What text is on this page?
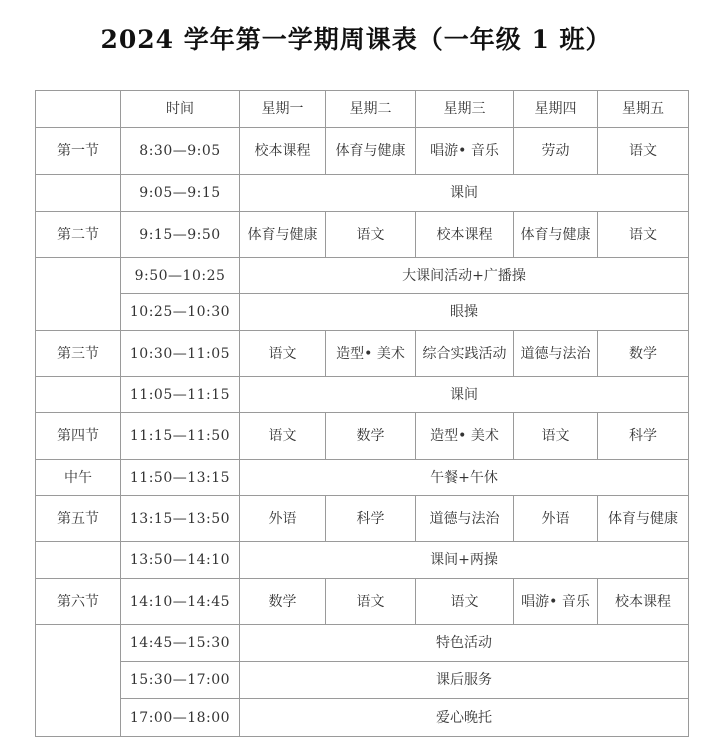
2024 学年第一学期周课表（一年级 1 班）
	时间	星期一	星期二	星期三	星期四	星期五
第一节	8:30—9:05	校本课程	体育与健康	唱游• 音乐	劳动	语文
	9:05—9:15	课间				
第二节	9:15—9:50	体育与健康	语文	校本课程	体育与健康	语文
	9:50—10:25	大课间活动+广播操				
	10:25—10:30	眼操				
第三节	10:30—11:05	语文	造型• 美术	综合实践活动	道德与法治	数学
	11:05—11:15	课间				
第四节	11:15—11:50	语文	数学	造型• 美术	语文	科学
中午	11:50—13:15	午餐+午休				
第五节	13:15—13:50	外语	科学	道德与法治	外语	体育与健康
	13:50—14:10	课间+两操				
第六节	14:10—14:45	数学	语文	语文	唱游• 音乐	校本课程
	14:45—15:30	特色活动				
	15:30—17:00	课后服务				
	17:00—18:00	爱心晚托				
